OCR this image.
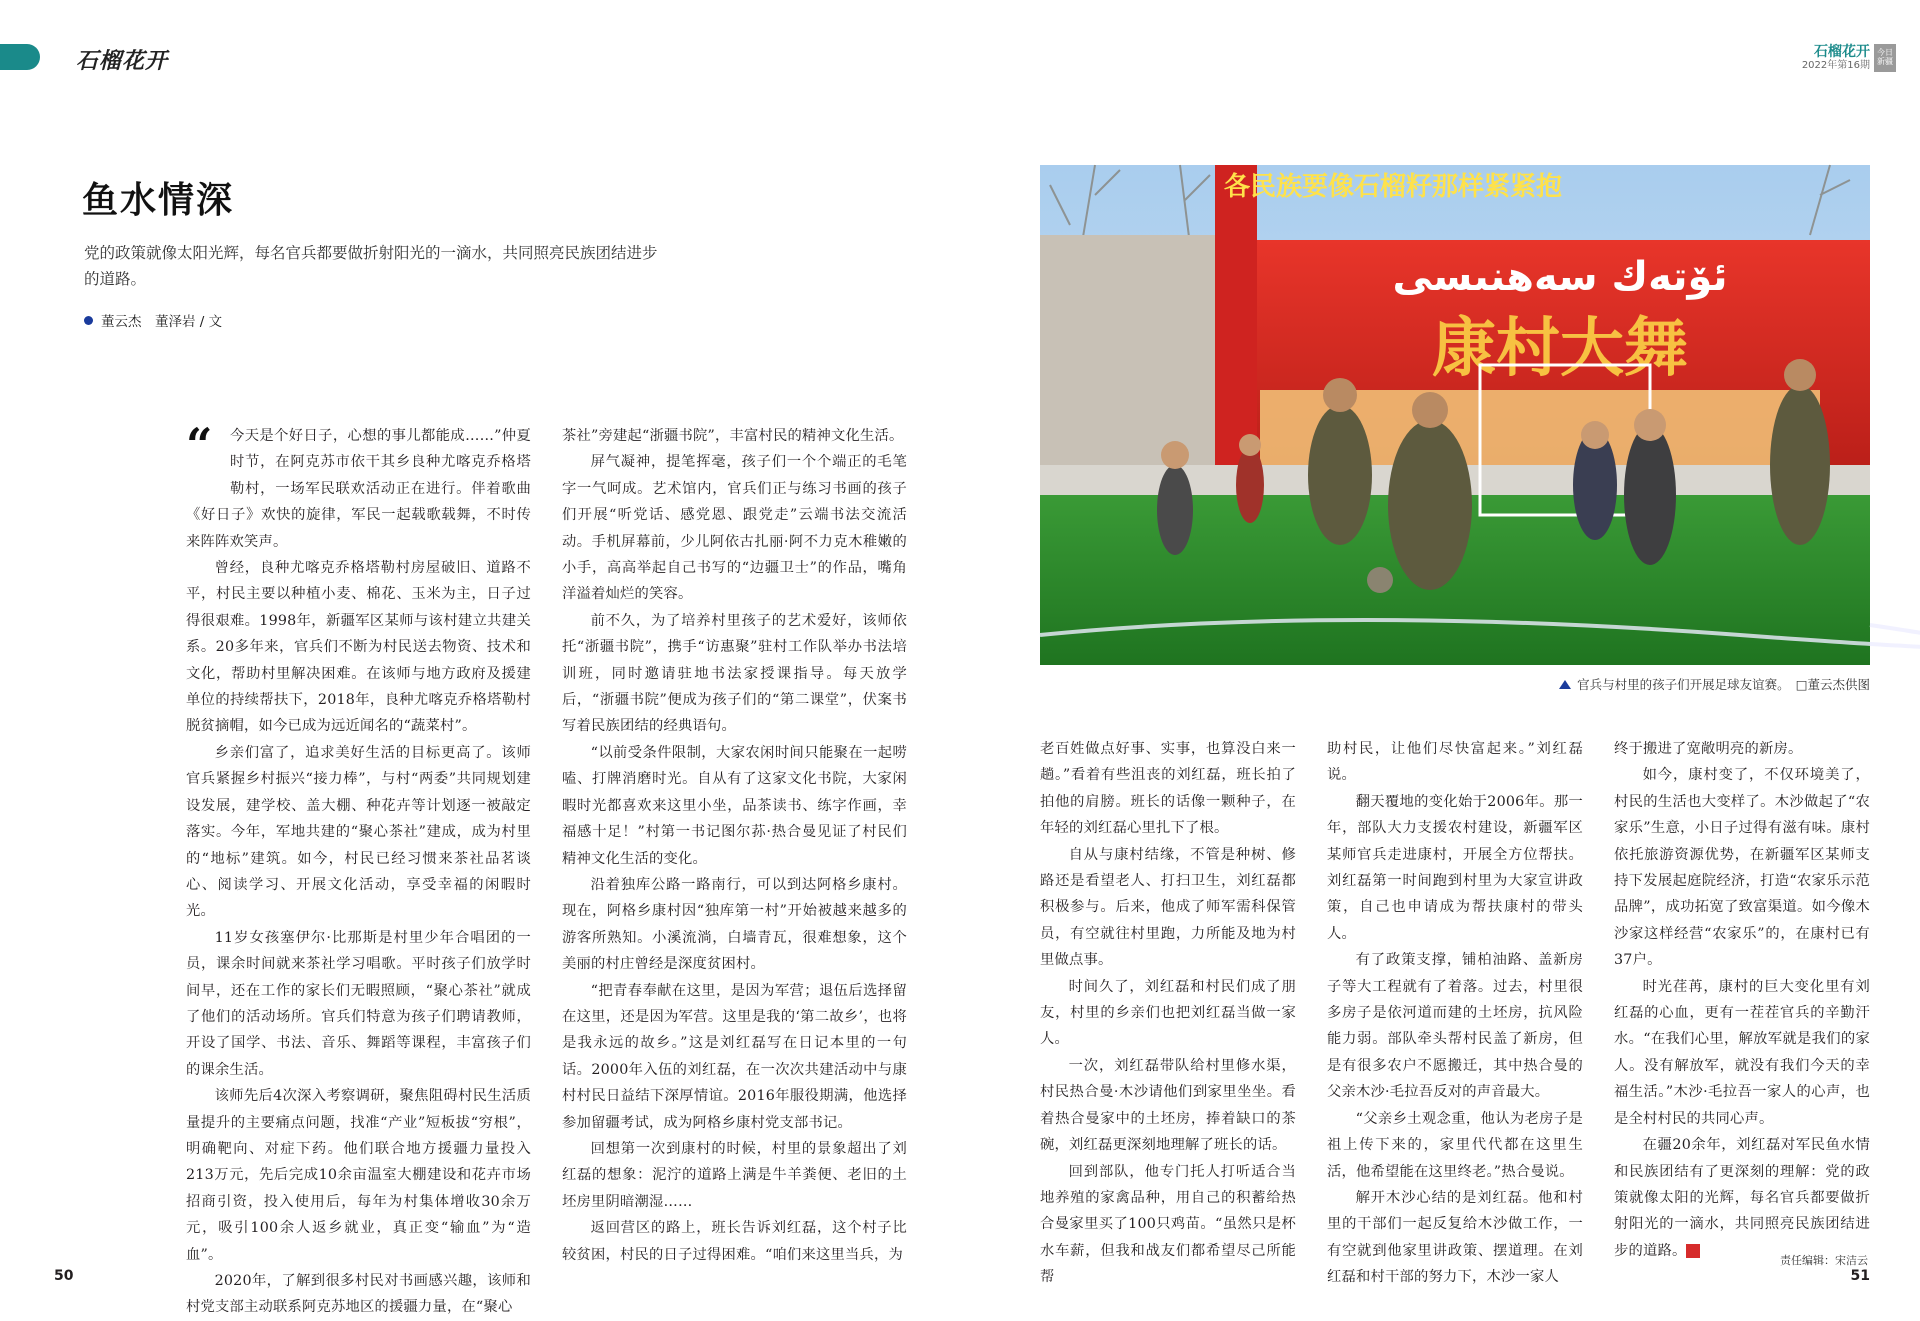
石榴花开	石榴花开
2022年第16期
今日新疆
鱼水情深
党的政策就像太阳光辉，每名官兵都要做折射阳光的一滴水，共同照亮民族团结进步的道路。
董云杰　董泽岩 / 文
“	今天是个好日子，心想的事儿都能成……”仲夏时节，在阿克苏市依干其乡良种尤喀克乔格塔勒村，一场军民联欢活动正在进行。伴着歌曲《好日子》欢快的旋律，军民一起载歌载舞，不时传来阵阵欢笑声。

曾经，良种尤喀克乔格塔勒村房屋破旧、道路不平，村民主要以种植小麦、棉花、玉米为主，日子过得很艰难。1998年，新疆军区某师与该村建立共建关系。20多年来，官兵们不断为村民送去物资、技术和文化，帮助村里解决困难。在该师与地方政府及援建单位的持续帮扶下，2018年，良种尤喀克乔格塔勒村脱贫摘帽，如今已成为远近闻名的“蔬菜村”。

乡亲们富了，追求美好生活的目标更高了。该师官兵紧握乡村振兴“接力棒”，与村“两委”共同规划建设发展，建学校、盖大棚、种花卉等计划逐一被敲定落实。今年，军地共建的“聚心茶社”建成，成为村里的“地标”建筑。如今，村民已经习惯来茶社品茗谈心、阅读学习、开展文化活动，享受幸福的闲暇时光。

11岁女孩塞伊尔·比那斯是村里少年合唱团的一员，课余时间就来茶社学习唱歌。平时孩子们放学时间早，还在工作的家长们无暇照顾，“聚心茶社”就成了他们的活动场所。官兵们特意为孩子们聘请教师，开设了国学、书法、音乐、舞蹈等课程，丰富孩子们的课余生活。

该师先后4次深入考察调研，聚焦阻碍村民生活质量提升的主要痛点问题，找准“产业”短板拔“穷根”，明确靶向、对症下药。他们联合地方援疆力量投入213万元，先后完成10余亩温室大棚建设和花卉市场招商引资，投入使用后，每年为村集体增收30余万元，吸引100余人返乡就业，真正变“输血”为“造血”。

2020年，了解到很多村民对书画感兴趣，该师和村党支部主动联系阿克苏地区的援疆力量，在“聚心

茶社”旁建起“浙疆书院”，丰富村民的精神文化生活。

屏气凝神，提笔挥毫，孩子们一个个端正的毛笔字一气呵成。艺术馆内，官兵们正与练习书画的孩子们开展“听党话、感党恩、跟党走”云端书法交流活动。手机屏幕前，少儿阿依古扎丽·阿不力克木稚嫩的小手，高高举起自己书写的“边疆卫士”的作品，嘴角洋溢着灿烂的笑容。

前不久，为了培养村里孩子的艺术爱好，该师依托“浙疆书院”，携手“访惠聚”驻村工作队举办书法培训班，同时邀请驻地书法家授课指导。每天放学后，“浙疆书院”便成为孩子们的“第二课堂”，伏案书写着民族团结的经典语句。

“以前受条件限制，大家农闲时间只能聚在一起唠嗑、打牌消磨时光。自从有了这家文化书院，大家闲暇时光都喜欢来这里小坐，品茶读书、练字作画，幸福感十足！”村第一书记图尔荪·热合曼见证了村民们精神文化生活的变化。

沿着独库公路一路南行，可以到达阿格乡康村。现在，阿格乡康村因“独库第一村”开始被越来越多的游客所熟知。小溪流淌，白墙青瓦，很难想象，这个美丽的村庄曾经是深度贫困村。

“把青春奉献在这里，是因为军营；退伍后选择留在这里，还是因为军营。这里是我的‘第二故乡’，也将是我永远的故乡。”这是刘红磊写在日记本里的一句话。2000年入伍的刘红磊，在一次次共建活动中与康村村民日益结下深厚情谊。2016年服役期满，他选择参加留疆考试，成为阿格乡康村党支部书记。

回想第一次到康村的时候，村里的景象超出了刘红磊的想象：泥泞的道路上满是牛羊粪便、老旧的土坯房里阴暗潮湿……

返回营区的路上，班长告诉刘红磊，这个村子比较贫困，村民的日子过得困难。“咱们来这里当兵，为

各民族要像石榴籽那样紧紧抱
ئۆتەك سەھنىسى
康村大舞
官兵与村里的孩子们开展足球友谊赛。 □董云杰供图

老百姓做点好事、实事，也算没白来一趟。”看着有些沮丧的刘红磊，班长拍了拍他的肩膀。班长的话像一颗种子，在年轻的刘红磊心里扎下了根。

自从与康村结缘，不管是种树、修路还是看望老人、打扫卫生，刘红磊都积极参与。后来，他成了师军需科保管员，有空就往村里跑，力所能及地为村里做点事。

时间久了，刘红磊和村民们成了朋友，村里的乡亲们也把刘红磊当做一家人。

一次，刘红磊带队给村里修水渠，村民热合曼·木沙请他们到家里坐坐。看着热合曼家中的土坯房，捧着缺口的茶碗，刘红磊更深刻地理解了班长的话。

回到部队，他专门托人打听适合当地养殖的家禽品种，用自己的积蓄给热合曼家里买了100只鸡苗。“虽然只是杯水车薪，但我和战友们都希望尽己所能帮

助村民，让他们尽快富起来。”刘红磊说。

翻天覆地的变化始于2006年。那一年，部队大力支援农村建设，新疆军区某师官兵走进康村，开展全方位帮扶。刘红磊第一时间跑到村里为大家宣讲政策，自己也申请成为帮扶康村的带头人。

有了政策支撑，铺柏油路、盖新房子等大工程就有了着落。过去，村里很多房子是依河道而建的土坯房，抗风险能力弱。部队牵头帮村民盖了新房，但是有很多农户不愿搬迁，其中热合曼的父亲木沙·毛拉吾反对的声音最大。

“父亲乡土观念重，他认为老房子是祖上传下来的，家里代代都在这里生活，他希望能在这里终老。”热合曼说。

解开木沙心结的是刘红磊。他和村里的干部们一起反复给木沙做工作，一有空就到他家里讲政策、摆道理。在刘红磊和村干部的努力下，木沙一家人

终于搬进了宽敞明亮的新房。

如今，康村变了，不仅环境美了，村民的生活也大变样了。木沙做起了“农家乐”生意，小日子过得有滋有味。康村依托旅游资源优势，在新疆军区某师支持下发展起庭院经济，打造“农家乐示范品牌”，成功拓宽了致富渠道。如今像木沙家这样经营“农家乐”的，在康村已有37户。

时光荏苒，康村的巨大变化里有刘红磊的心血，更有一茬茬官兵的辛勤汗水。“在我们心里，解放军就是我们的家人。没有解放军，就没有我们今天的幸福生活。”木沙·毛拉吾一家人的心声，也是全村村民的共同心声。

在疆20余年，刘红磊对军民鱼水情和民族团结有了更深刻的理解：党的政策就像太阳的光辉，每名官兵都要做折射阳光的一滴水，共同照亮民族团结进步的道路。	J

50
责任编辑：宋洁云
51
